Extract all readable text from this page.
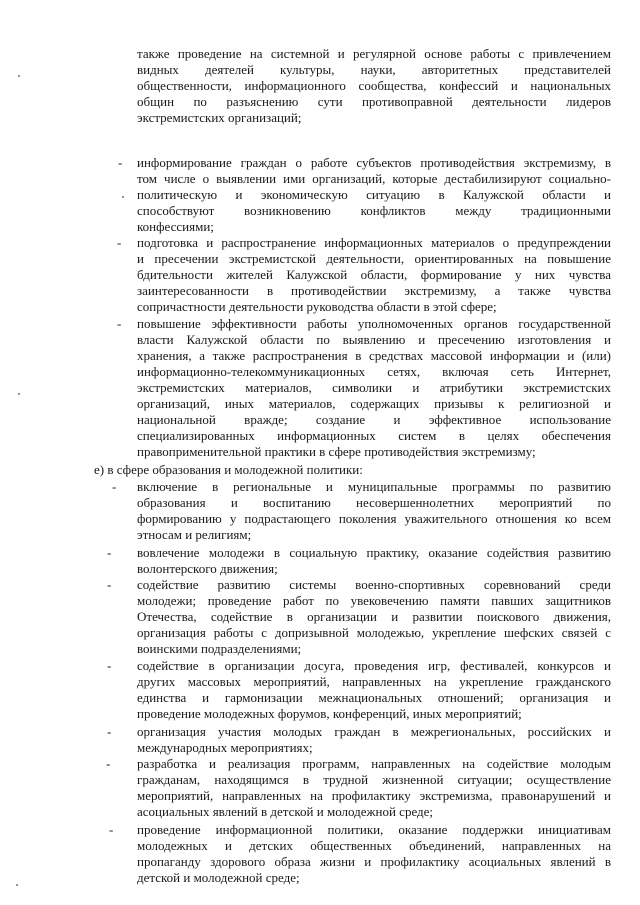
также проведение на системной и регулярной основе работы с привлечением
видных деятелей культуры, науки, авторитетных представителей
общественности, информационного сообщества, конфессий и национальных
общин по разъяснению сути противоправной деятельности лидеров
экстремистских организаций;
- информирование граждан о работе субъектов противодействия экстремизму, в
том числе о выявлении ими организаций, которые дестабилизируют социально-
политическую и экономическую ситуацию в Калужской области и
способствуют возникновению конфликтов между традиционными
конфессиями;
- подготовка и распространение информационных материалов о предупреждении
и пресечении экстремистской деятельности, ориентированных на повышение
бдительности жителей Калужской области, формирование у них чувства
заинтересованности в противодействии экстремизму, а также чувства
сопричастности деятельности руководства области в этой сфере;
- повышение эффективности работы уполномоченных органов государственной
власти Калужской области по выявлению и пресечению изготовления и
хранения, а также распространения в средствах массовой информации и (или)
информационно-телекоммуникационных сетях, включая сеть Интернет,
экстремистских материалов, символики и атрибутики экстремистских
организаций, иных материалов, содержащих призывы к религиозной и
национальной вражде; создание и эффективное использование
специализированных информационных систем в целях обеспечения
правоприменительной практики в сфере противодействия экстремизму;
е) в сфере образования и молодежной политики:
- включение в региональные и муниципальные программы по развитию
образования и воспитанию несовершеннолетних мероприятий по
формированию у подрастающего поколения уважительного отношения ко всем
этносам и религиям;
- вовлечение молодежи в социальную практику, оказание содействия развитию
волонтерского движения;
- содействие развитию системы военно-спортивных соревнований среди
молодежи; проведение работ по увековечению памяти павших защитников
Отечества, содействие в организации и развитии поискового движения,
организация работы с допризывной молодежью, укрепление шефских связей с
воинскими подразделениями;
- содействие в организации досуга, проведения игр, фестивалей, конкурсов и
других массовых мероприятий, направленных на укрепление гражданского
единства и гармонизации межнациональных отношений; организация и
проведение молодежных форумов, конференций, иных мероприятий;
- организация участия молодых граждан в межрегиональных, российских и
международных мероприятиях;
- разработка и реализация программ, направленных на содействие молодым
гражданам, находящимся в трудной жизненной ситуации; осуществление
мероприятий, направленных на профилактику экстремизма, правонарушений и
асоциальных явлений в детской и молодежной среде;
- проведение информационной политики, оказание поддержки инициативам
молодежных и детских общественных объединений, направленных на
пропаганду здорового образа жизни и профилактику асоциальных явлений в
детской и молодежной среде;
